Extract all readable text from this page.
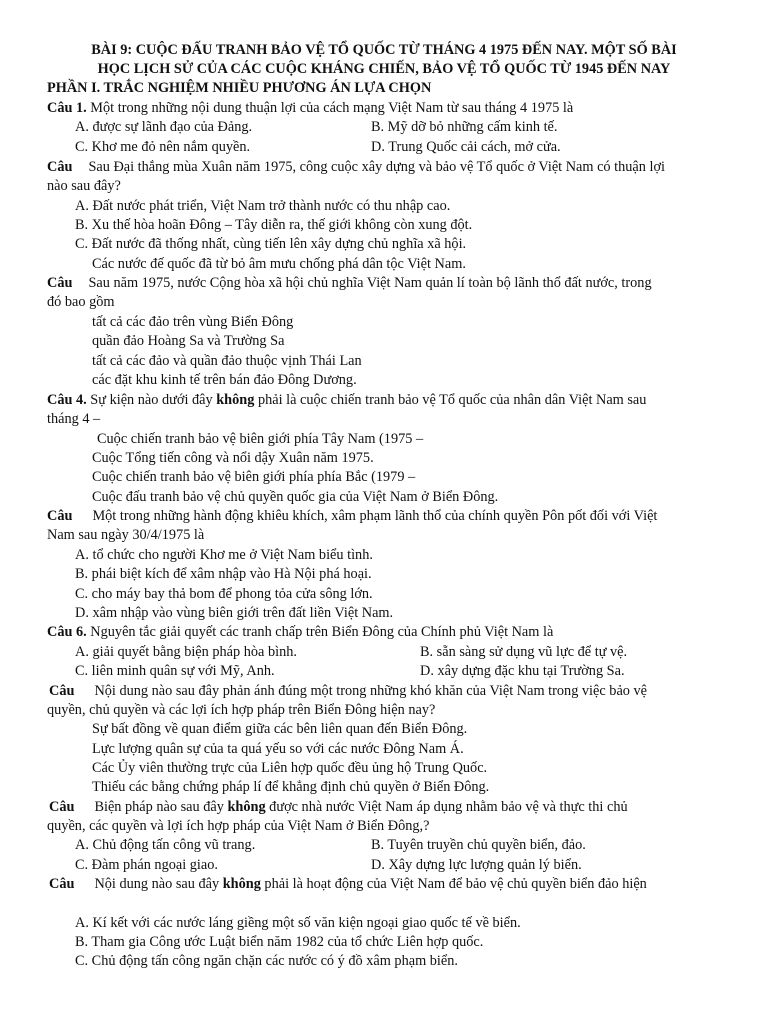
BÀI 9: CUỘC ĐẤU TRANH BẢO VỆ TỔ QUỐC TỪ THÁNG 4 1975 ĐẾN NAY. MỘT SỐ BÀI
HỌC LỊCH SỬ CỦA CÁC CUỘC KHÁNG CHIẾN, BẢO VỆ TỔ QUỐC TỪ 1945 ĐẾN NAY
PHẦN I. TRẮC NGHIỆM NHIỀU PHƯƠNG ÁN LỰA CHỌN
Câu 1. Một trong những nội dung thuận lợi của cách mạng Việt Nam từ sau tháng 4 1975 là
A. được sự lãnh đạo của Đảng.	B. Mỹ dỡ bỏ những cấm kinh tế.
C. Khơ me đỏ nên nắm quyền.	D. Trung Quốc cải cách, mở cửa.
Câu Sau Đại thắng mùa Xuân năm 1975, công cuộc xây dựng và bảo vệ Tổ quốc ở Việt Nam có thuận lợi
nào sau đây?
A. Đất nước phát triển, Việt Nam trở thành nước có thu nhập cao.
B. Xu thế hòa hoãn Đông – Tây diễn ra, thế giới không còn xung đột.
C. Đất nước đã thống nhất, cùng tiến lên xây dựng chủ nghĩa xã hội.
Các nước đế quốc đã từ bỏ âm mưu chống phá dân tộc Việt Nam.
Câu Sau năm 1975, nước Cộng hòa xã hội chủ nghĩa Việt Nam quản lí toàn bộ lãnh thổ đất nước, trong
đó bao gồm
tất cả các đảo trên vùng Biển Đông
quần đảo Hoàng Sa và Trường Sa
tất cả các đảo và quần đảo thuộc vịnh Thái Lan
các đặt khu kinh tế trên bán đảo Đông Dương.
Câu 4. Sự kiện nào dưới đây không phải là cuộc chiến tranh bảo vệ Tổ quốc của nhân dân Việt Nam sau
tháng 4 –
Cuộc chiến tranh bảo vệ biên giới phía Tây Nam (1975 –
Cuộc Tổng tiến công và nổi dậy Xuân năm 1975.
Cuộc chiến tranh bảo vệ biên giới phía phía Bắc (1979 –
Cuộc đấu tranh bảo vệ chủ quyền quốc gia của Việt Nam ở Biển Đông.
Câu Một trong những hành động khiêu khích, xâm phạm lãnh thổ của chính quyền Pôn pốt đối với Việt
Nam sau ngày 30/4/1975 là
A. tổ chức cho người Khơ me ở Việt Nam biểu tình.
B. phái biệt kích để xâm nhập vào Hà Nội phá hoại.
C. cho máy bay thả bom để phong tỏa cửa sông lớn.
D. xâm nhập vào vùng biên giới trên đất liền Việt Nam.
Câu 6. Nguyên tắc giải quyết các tranh chấp trên Biển Đông của Chính phủ Việt Nam là
A. giải quyết bằng biện pháp hòa bình.	B. sẵn sàng sử dụng vũ lực để tự vệ.
C. liên minh quân sự với Mỹ, Anh.	D. xây dựng đặc khu tại Trường Sa.
Câu Nội dung nào sau đây phản ánh đúng một trong những khó khăn của Việt Nam trong việc bảo vệ
quyền, chủ quyền và các lợi ích hợp pháp trên Biển Đông hiện nay?
Sự bất đồng về quan điểm giữa các bên liên quan đến Biển Đông.
Lực lượng quân sự của ta quá yếu so với các nước Đông Nam Á.
Các Ủy viên thường trực của Liên hợp quốc đều ủng hộ Trung Quốc.
Thiếu các bằng chứng pháp lí để khẳng định chủ quyền ở Biển Đông.
Câu Biện pháp nào sau đây không được nhà nước Việt Nam áp dụng nhằm bảo vệ và thực thi chủ
quyền, các quyền và lợi ích hợp pháp của Việt Nam ở Biển Đông,?
A. Chủ động tấn công vũ trang.	B. Tuyên truyền chủ quyền biển, đảo.
C. Đàm phán ngoại giao.	D. Xây dựng lực lượng quản lý biển.
Câu Nội dung nào sau đây không phải là hoạt động của Việt Nam để bảo vệ chủ quyền biển đảo hiện
A. Kí kết với các nước láng giềng một số văn kiện ngoại giao quốc tế về biển.
B. Tham gia Công ước Luật biển năm 1982 của tổ chức Liên hợp quốc.
C. Chủ động tấn công ngăn chặn các nước có ý đồ xâm phạm biển.
